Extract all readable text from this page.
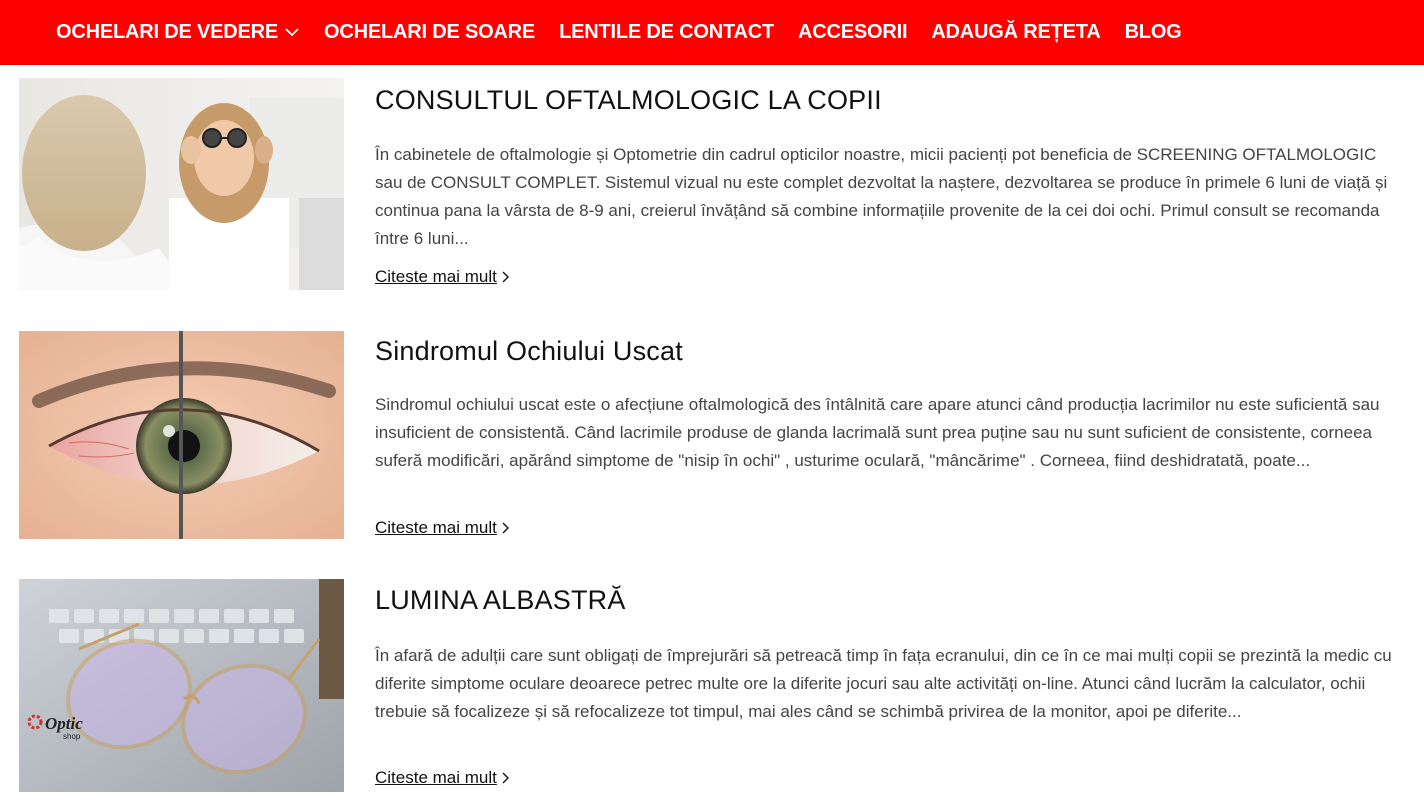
OCHELARI DE VEDERE OCHELARI DE SOARE LENTILE DE CONTACT ACCESORII ADAUGĂ REȚETA BLOG
CONSULTUL OFTALMOLOGIC LA COPII

În cabinetele de oftalmologie și Optometrie din cadrul opticilor noastre, micii pacienți pot beneficia de SCREENING OFTALMOLOGIC sau de CONSULT COMPLET. Sistemul vizual nu este complet dezvoltat la naștere, dezvoltarea se produce în primele 6 luni de viață și continua pana la vârsta de 8-9 ani, creierul învățând să combine informațiile provenite de la cei doi ochi. Primul consult se recomanda între 6 luni...

Citeste mai mult
Sindromul Ochiului Uscat

Sindromul ochiului uscat este o afecțiune oftalmologică des întâlnită care apare atunci când producția lacrimilor nu este suficientă sau insuficient de consistentă. Când lacrimile produse de glanda lacrimală sunt prea puține sau nu sunt suficient de consistente, corneea suferă modificări, apărând simptome de "nisip în ochi" , usturime oculară, "mâncărime" . Corneea, fiind deshidratată, poate...

Citeste mai mult
Optic
shop
LUMINA ALBASTRĂ

În afară de adulții care sunt obligați de împrejurări să petreacă timp în fața ecranului, din ce în ce mai mulți copii se prezintă la medic cu diferite simptome oculare deoarece petrec multe ore la diferite jocuri sau alte activități on-line. Atunci când lucrăm la calculator, ochii trebuie să focalizeze și să refocalizeze tot timpul, mai ales când se schimbă privirea de la monitor, apoi pe diferite...

Citeste mai mult
